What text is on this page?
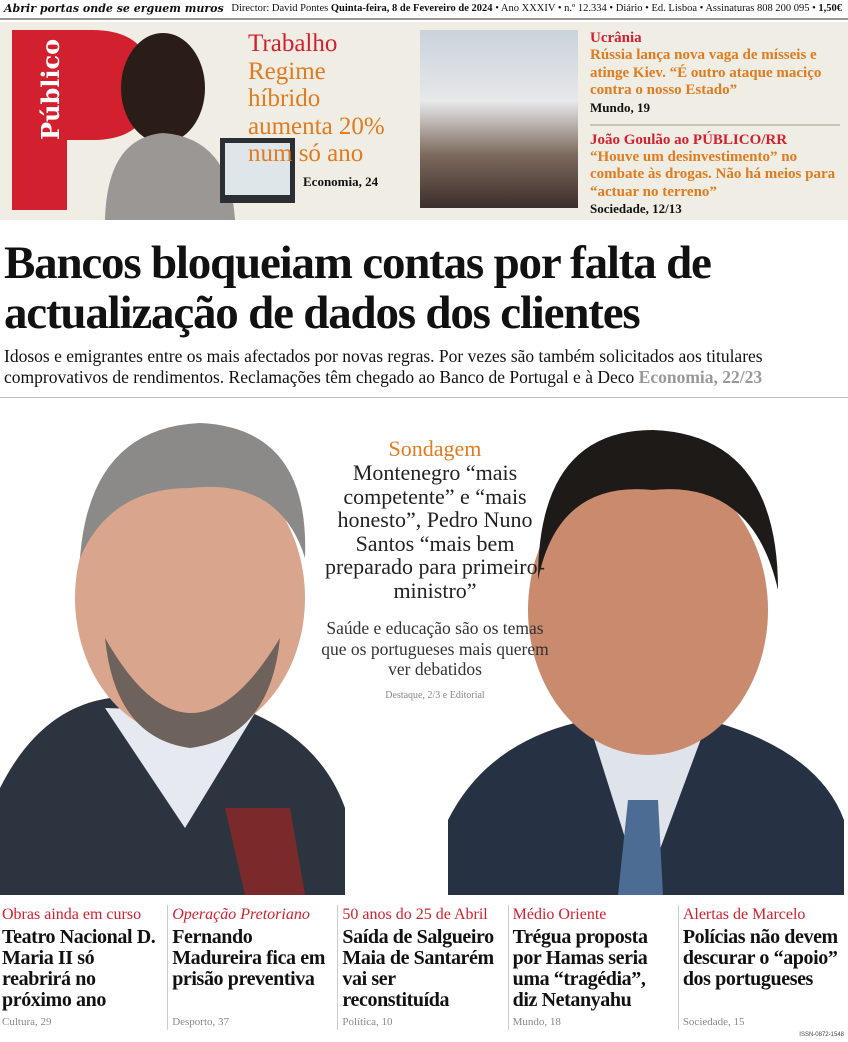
Abrir portas onde se erguem muros Director: David Pontes Quinta-feira, 8 de Fevereiro de 2024 • Ano XXXIV • n.º 12.334 • Diário • Ed. Lisboa • Assinaturas 808 200 095 • 1,50€
Público	Trabalho
Regime híbrido aumenta 20% num só ano
Economia, 24
Ucrânia
Rússia lança nova vaga de mísseis e atinge Kiev. “É outro ataque maciço contra o nosso Estado”
Mundo, 19
João Goulão ao PÚBLICO/RR
“Houve um desinvestimento” no combate às drogas. Não há meios para “actuar no terreno”
Sociedade, 12/13
Bancos bloqueiam contas por falta de actualização de dados dos clientes

Idosos e emigrantes entre os mais afectados por novas regras. Por vezes são também solicitados aos titulares comprovativos de rendimentos. Reclamações têm chegado ao Banco de Portugal e à Deco Economia, 22/23

Sondagem
Montenegro “mais competente” e “mais honesto”, Pedro Nuno Santos “mais bem preparado para primeiro-ministro”
Saúde e educação são os temas que os portugueses mais querem ver debatidos
Destaque, 2/3 e Editorial
Obras ainda em curso
Teatro Nacional D. Maria II só reabrirá no próximo ano
Cultura, 29
Operação Pretoriano
Fernando Madureira fica em prisão preventiva
Desporto, 37
50 anos do 25 de Abril
Saída de Salgueiro Maia de Santarém vai ser reconstituída
Política, 10
Médio Oriente
Trégua proposta por Hamas seria uma “tragédia”, diz Netanyahu
Mundo, 18
Alertas de Marcelo
Polícias não devem descurar o “apoio” dos portugueses
Sociedade, 15
ISSN-0872-1548
